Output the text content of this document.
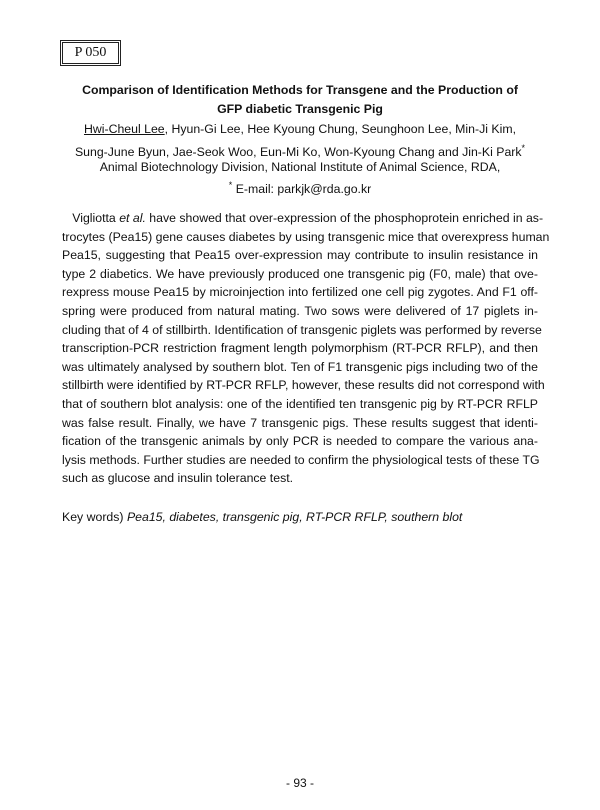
P 050
Comparison of Identification Methods for Transgene and the Production of
GFP diabetic Transgenic Pig
Hwi-Cheul Lee, Hyun-Gi Lee, Hee Kyoung Chung, Seunghoon Lee, Min-Ji Kim,
Sung-June Byun, Jae-Seok Woo, Eun-Mi Ko, Won-Kyoung Chang and Jin-Ki Park*
Animal Biotechnology Division, National Institute of Animal Science, RDA,
* E-mail: parkjk@rda.go.kr
Vigliotta et al. have showed that over-expression of the phosphoprotein enriched in as-
trocytes (Pea15) gene causes diabetes by using transgenic mice that overexpress human
Pea15, suggesting that Pea15 over-expression may contribute to insulin resistance in
type 2 diabetics. We have previously produced one transgenic pig (F0, male) that ove-
rexpress mouse Pea15 by microinjection into fertilized one cell pig zygotes. And F1 off-
spring were produced from natural mating. Two sows were delivered of 17 piglets in-
cluding that of 4 of stillbirth. Identification of transgenic piglets was performed by reverse
transcription-PCR restriction fragment length polymorphism (RT-PCR RFLP), and then
was ultimately analysed by southern blot. Ten of F1 transgenic pigs including two of the
stillbirth were identified by RT-PCR RFLP, however, these results did not correspond with
that of southern blot analysis: one of the identified ten transgenic pig by RT-PCR RFLP
was false result. Finally, we have 7 transgenic pigs. These results suggest that identi-
fication of the transgenic animals by only PCR is needed to compare the various ana-
lysis methods. Further studies are needed to confirm the physiological tests of these TG
such as glucose and insulin tolerance test.
Key words) Pea15, diabetes, transgenic pig, RT-PCR RFLP, southern blot
- 93 -
